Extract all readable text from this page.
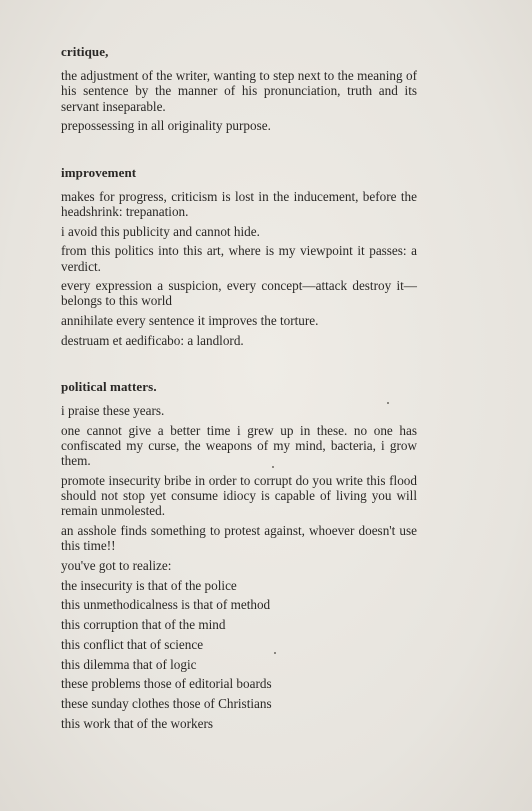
critique,
the adjustment of the writer, wanting to step next to the meaning of his sentence by the manner of his pronunciation, truth and its servant inseparable.
prepossessing in all originality purpose.
improvement
makes for progress, criticism is lost in the inducement, before the headshrink: trepanation.
i avoid this publicity and cannot hide.
from this politics into this art, where is my viewpoint it passes: a verdict.
every expression a suspicion, every concept—attack destroy it— belongs to this world
annihilate every sentence it improves the torture.
destruam et aedificabo: a landlord.
political matters.
i praise these years.
one cannot give a better time i grew up in these. no one has confiscated my curse, the weapons of my mind, bacteria, i grow them.
promote insecurity bribe in order to corrupt do you write this flood should not stop yet consume idiocy is capable of living you will remain unmolested.
an asshole finds something to protest against, whoever doesn't use this time!!
you've got to realize:
the insecurity is that of the police
this unmethodicalness is that of method
this corruption that of the mind
this conflict that of science
this dilemma that of logic
these problems those of editorial boards
these sunday clothes those of Christians
this work that of the workers
